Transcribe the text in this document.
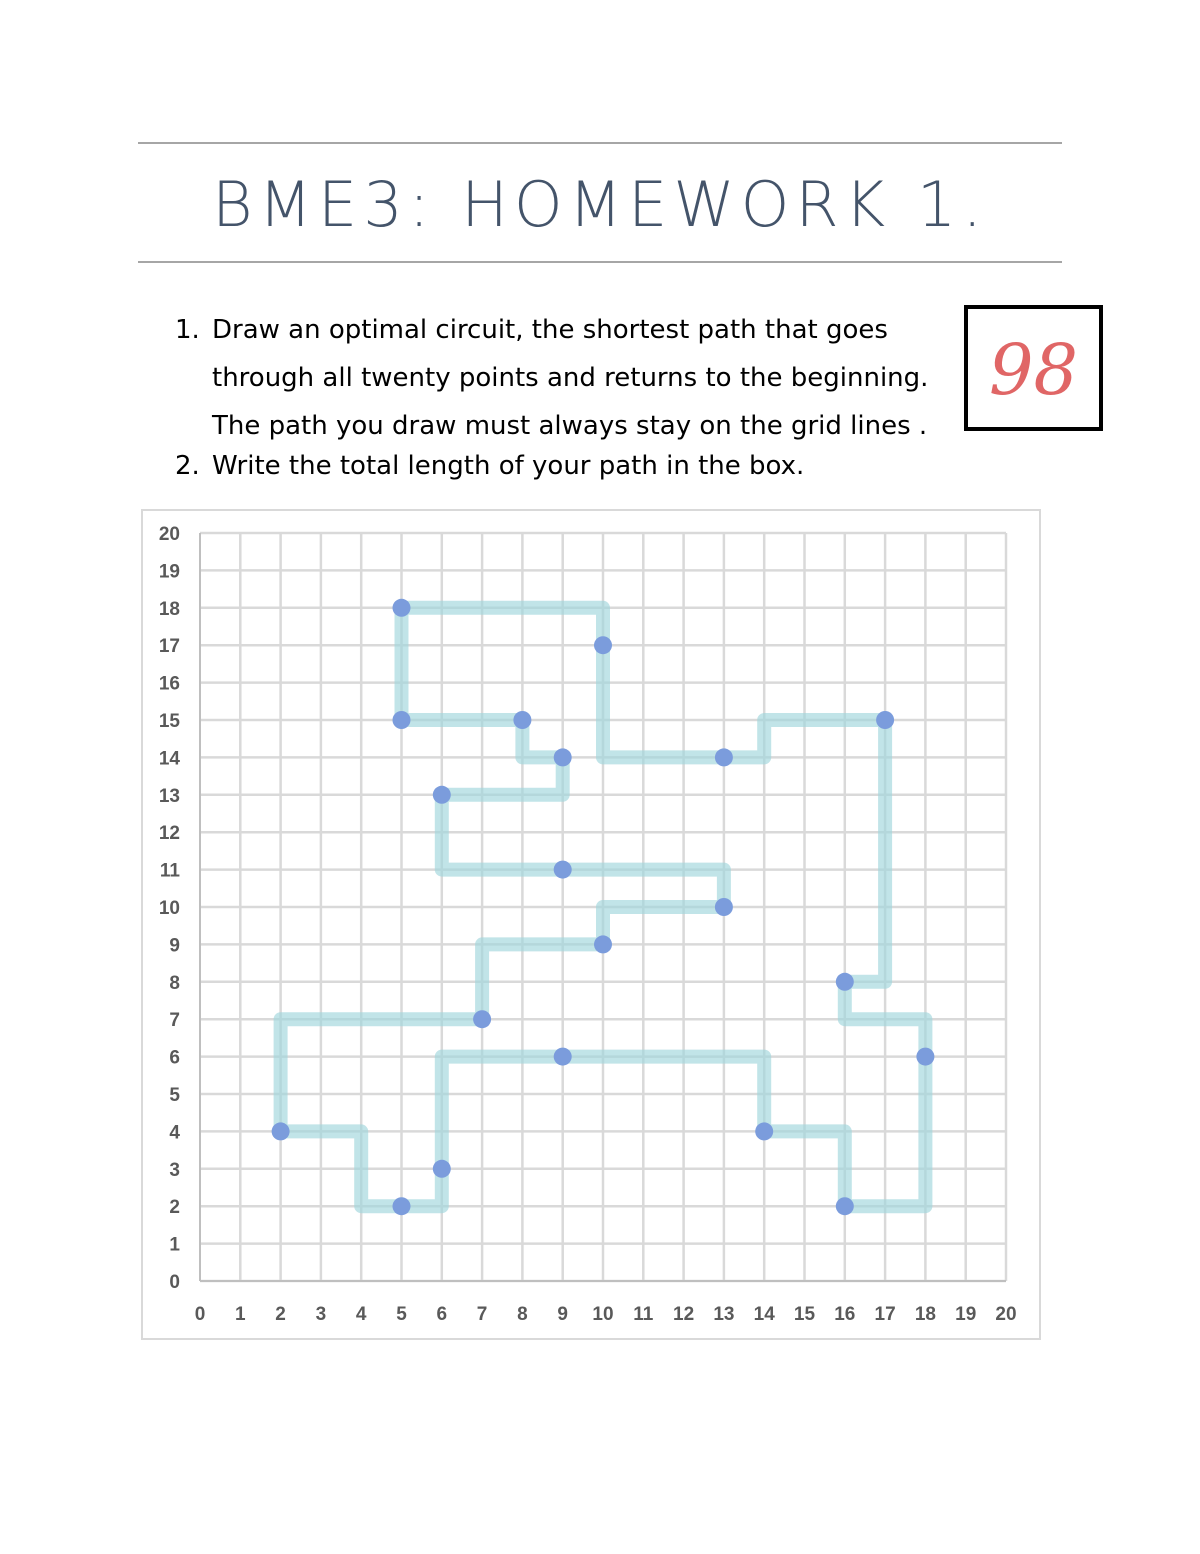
BME3: HOMEWORK 1.
1. Draw an optimal circuit, the shortest path that goes
through all twenty points and returns to the beginning.
The path you draw must always stay on the grid lines .
2. Write the total length of your path in the box.
98
0 1 2 3 4 5 6 7 8 9 10 11 12 13 14 15 16 17 18 19 20
0
1
2
3
4
5
6
7
8
9
10
11
12
13
14
15
16
17
18
19
20
